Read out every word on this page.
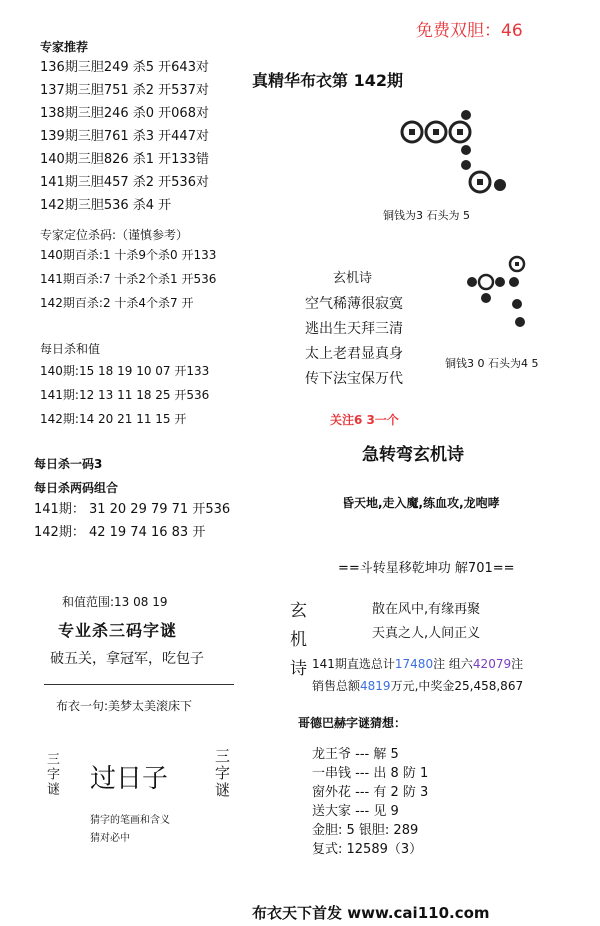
免费双胆：46
专家推荐
136期三胆249 杀5 开643对
137期三胆751 杀2 开537对
138期三胆246 杀0 开068对
139期三胆761 杀3 开447对
140期三胆826 杀1 开133错
141期三胆457 杀2 开536对
142期三胆536 杀4 开
专家定位杀码:（谨慎参考）
140期百杀:1 十杀9个杀0 开133
141期百杀:7 十杀2个杀1 开536
142期百杀:2 十杀4个杀7 开
每日杀和值
140期:15 18 19 10 07 开133
141期:12 13 11 18 25 开536
142期:14 20 21 11 15 开
每日杀一码3
每日杀两码组合
141期： 31 20 29 79 71 开536
142期： 42 19 74 16 83 开
和值范围:13 08 19
专业杀三码字谜
破五关，拿冠军，吃包子
布衣一句:美梦太美滚床下
三字谜 过日子	三字谜
猜字的笔画和含义
猜对必中
真精华布衣第 142期
铜钱为3 石头为 5
玄机诗
空气稀薄很寂寞
逃出生天拜三清
太上老君显真身
传下法宝保万代
铜钱3 0 石头为4 5
关注6 3一个
急转弯玄机诗
昏天地,走入魔,练血攻,龙咆哮
==斗转星移乾坤功 解701==
玄
机
诗
散在风中,有缘再聚
天真之人,人间正义
141期直选总计17480注 组六42079注
销售总额4819万元,中奖金25,458,867
哥德巴赫字谜猜想：
龙王爷 --- 解 5
一串钱 --- 出 8 防 1
窗外花 --- 有 2 防 3
送大家 --- 见 9
金胆: 5 银胆: 289
复式: 12589（3）
布衣天下首发 www.cai110.com
